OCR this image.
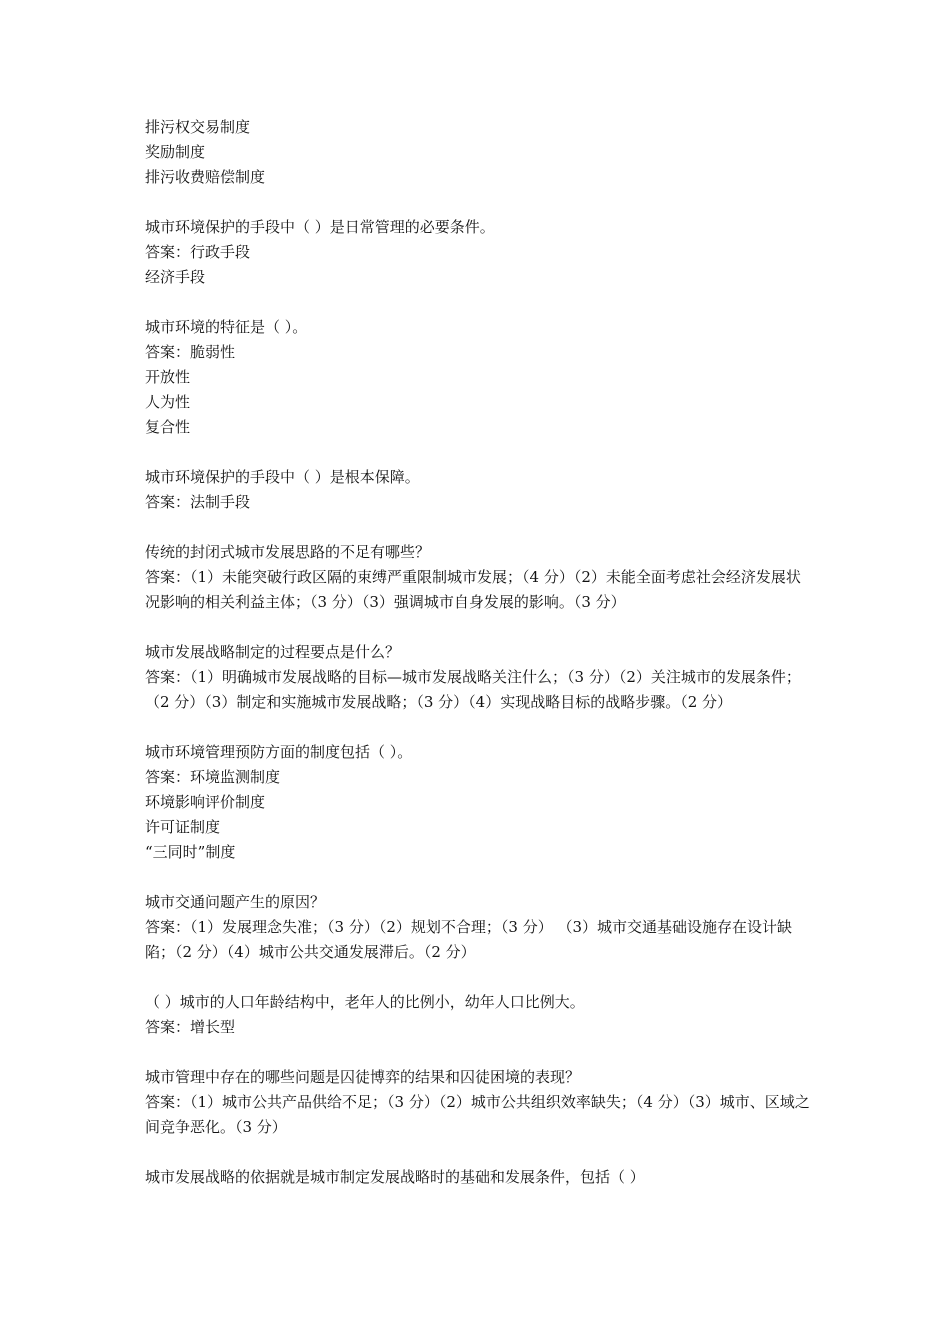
排污权交易制度
奖励制度
排污收费赔偿制度
城市环境保护的手段中（ ）是日常管理的必要条件。
答案：行政手段
经济手段
城市环境的特征是（ ）。
答案：脆弱性
开放性
人为性
复合性
城市环境保护的手段中（ ）是根本保障。
答案：法制手段
传统的封闭式城市发展思路的不足有哪些？
答案：（1）未能突破行政区隔的束缚严重限制城市发展；（4 分）（2）未能全面考虑社会经济发展状况影响的相关利益主体；（3 分）（3）强调城市自身发展的影响。（3 分）
城市发展战略制定的过程要点是什么？
答案：（1）明确城市发展战略的目标—城市发展战略关注什么；（3 分）（2）关注城市的发展条件；（2 分）（3）制定和实施城市发展战略；（3 分）（4）实现战略目标的战略步骤。（2 分）
城市环境管理预防方面的制度包括（ ）。
答案：环境监测制度
环境影响评价制度
许可证制度
“三同时”制度
城市交通问题产生的原因？
答案：（1）发展理念失准；（3 分）（2）规划不合理；（3 分） （3）城市交通基础设施存在设计缺陷；（2 分）（4）城市公共交通发展滞后。（2 分）
（ ）城市的人口年龄结构中，老年人的比例小，幼年人口比例大。
答案：增长型
城市管理中存在的哪些问题是囚徒博弈的结果和囚徒困境的表现？
答案：（1）城市公共产品供给不足；（3 分）（2）城市公共组织效率缺失；（4 分）（3）城市、区域之间竞争恶化。（3 分）
城市发展战略的依据就是城市制定发展战略时的基础和发展条件，包括（ ）
